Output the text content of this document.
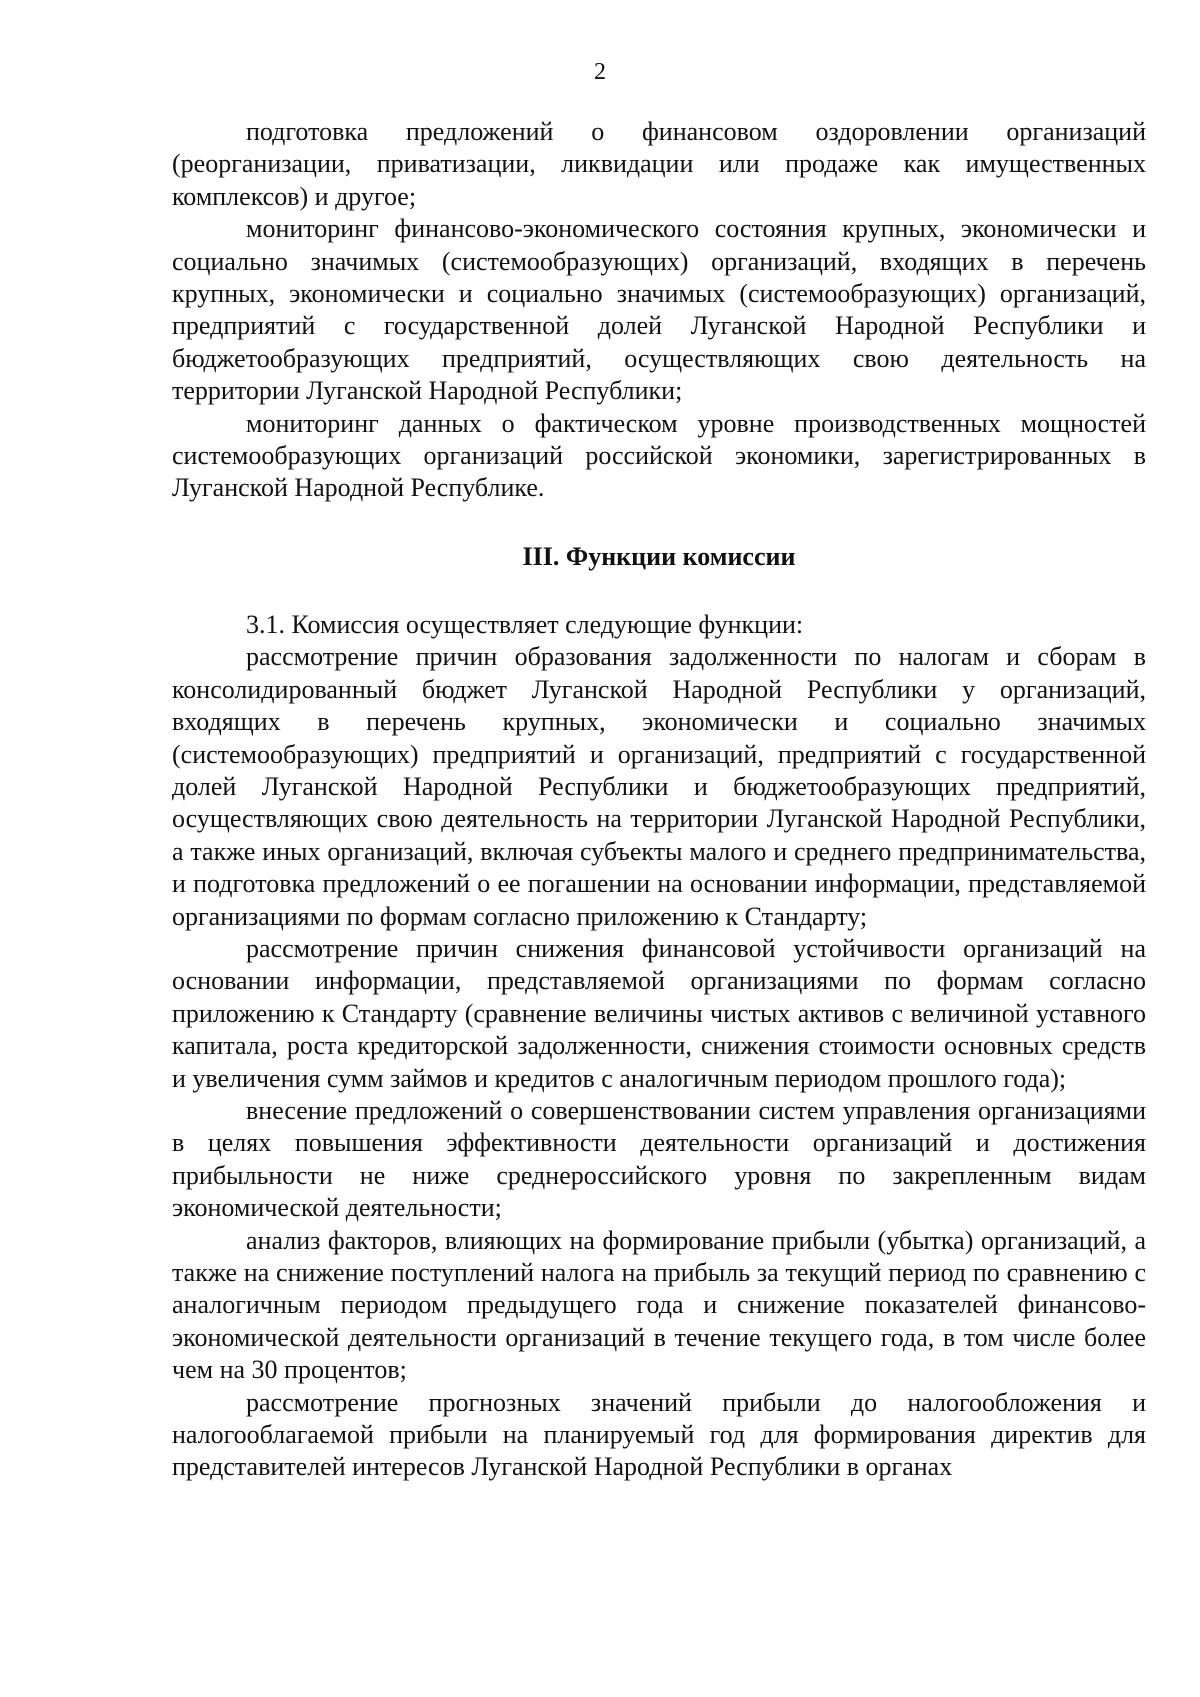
2

подготовка предложений о финансовом оздоровлении организаций (реорганизации, приватизации, ликвидации или продаже как имущественных комплексов) и другое;

мониторинг финансово-экономического состояния крупных, экономически и социально значимых (системообразующих) организаций, входящих в перечень крупных, экономически и социально значимых (системообразующих) организаций, предприятий с государственной долей Луганской Народной Республики и бюджетообразующих предприятий, осуществляющих свою деятельность на территории Луганской Народной Республики;

мониторинг данных о фактическом уровне производственных мощностей системообразующих организаций российской экономики, зарегистрированных в Луганской Народной Республике.

III. Функции комиссии

3.1. Комиссия осуществляет следующие функции:

рассмотрение причин образования задолженности по налогам и сборам в консолидированный бюджет Луганской Народной Республики у организаций, входящих в перечень крупных, экономически и социально значимых (системообразующих) предприятий и организаций, предприятий с государственной долей Луганской Народной Республики и бюджетообразующих предприятий, осуществляющих свою деятельность на территории Луганской Народной Республики, а также иных организаций, включая субъекты малого и среднего предпринимательства, и подготовка предложений о ее погашении на основании информации, представляемой организациями по формам согласно приложению к Стандарту;

рассмотрение причин снижения финансовой устойчивости организаций на основании информации, представляемой организациями по формам согласно приложению к Стандарту (сравнение величины чистых активов с величиной уставного капитала, роста кредиторской задолженности, снижения стоимости основных средств и увеличения сумм займов и кредитов с аналогичным периодом прошлого года);

внесение предложений о совершенствовании систем управления организациями в целях повышения эффективности деятельности организаций и достижения прибыльности не ниже среднероссийского уровня по закрепленным видам экономической деятельности;

анализ факторов, влияющих на формирование прибыли (убытка) организаций, а также на снижение поступлений налога на прибыль за текущий период по сравнению с аналогичным периодом предыдущего года и снижение показателей финансово-экономической деятельности организаций в течение текущего года, в том числе более чем на 30 процентов;

рассмотрение прогнозных значений прибыли до налогообложения и налогооблагаемой прибыли на планируемый год для формирования директив для представителей интересов Луганской Народной Республики в органах
